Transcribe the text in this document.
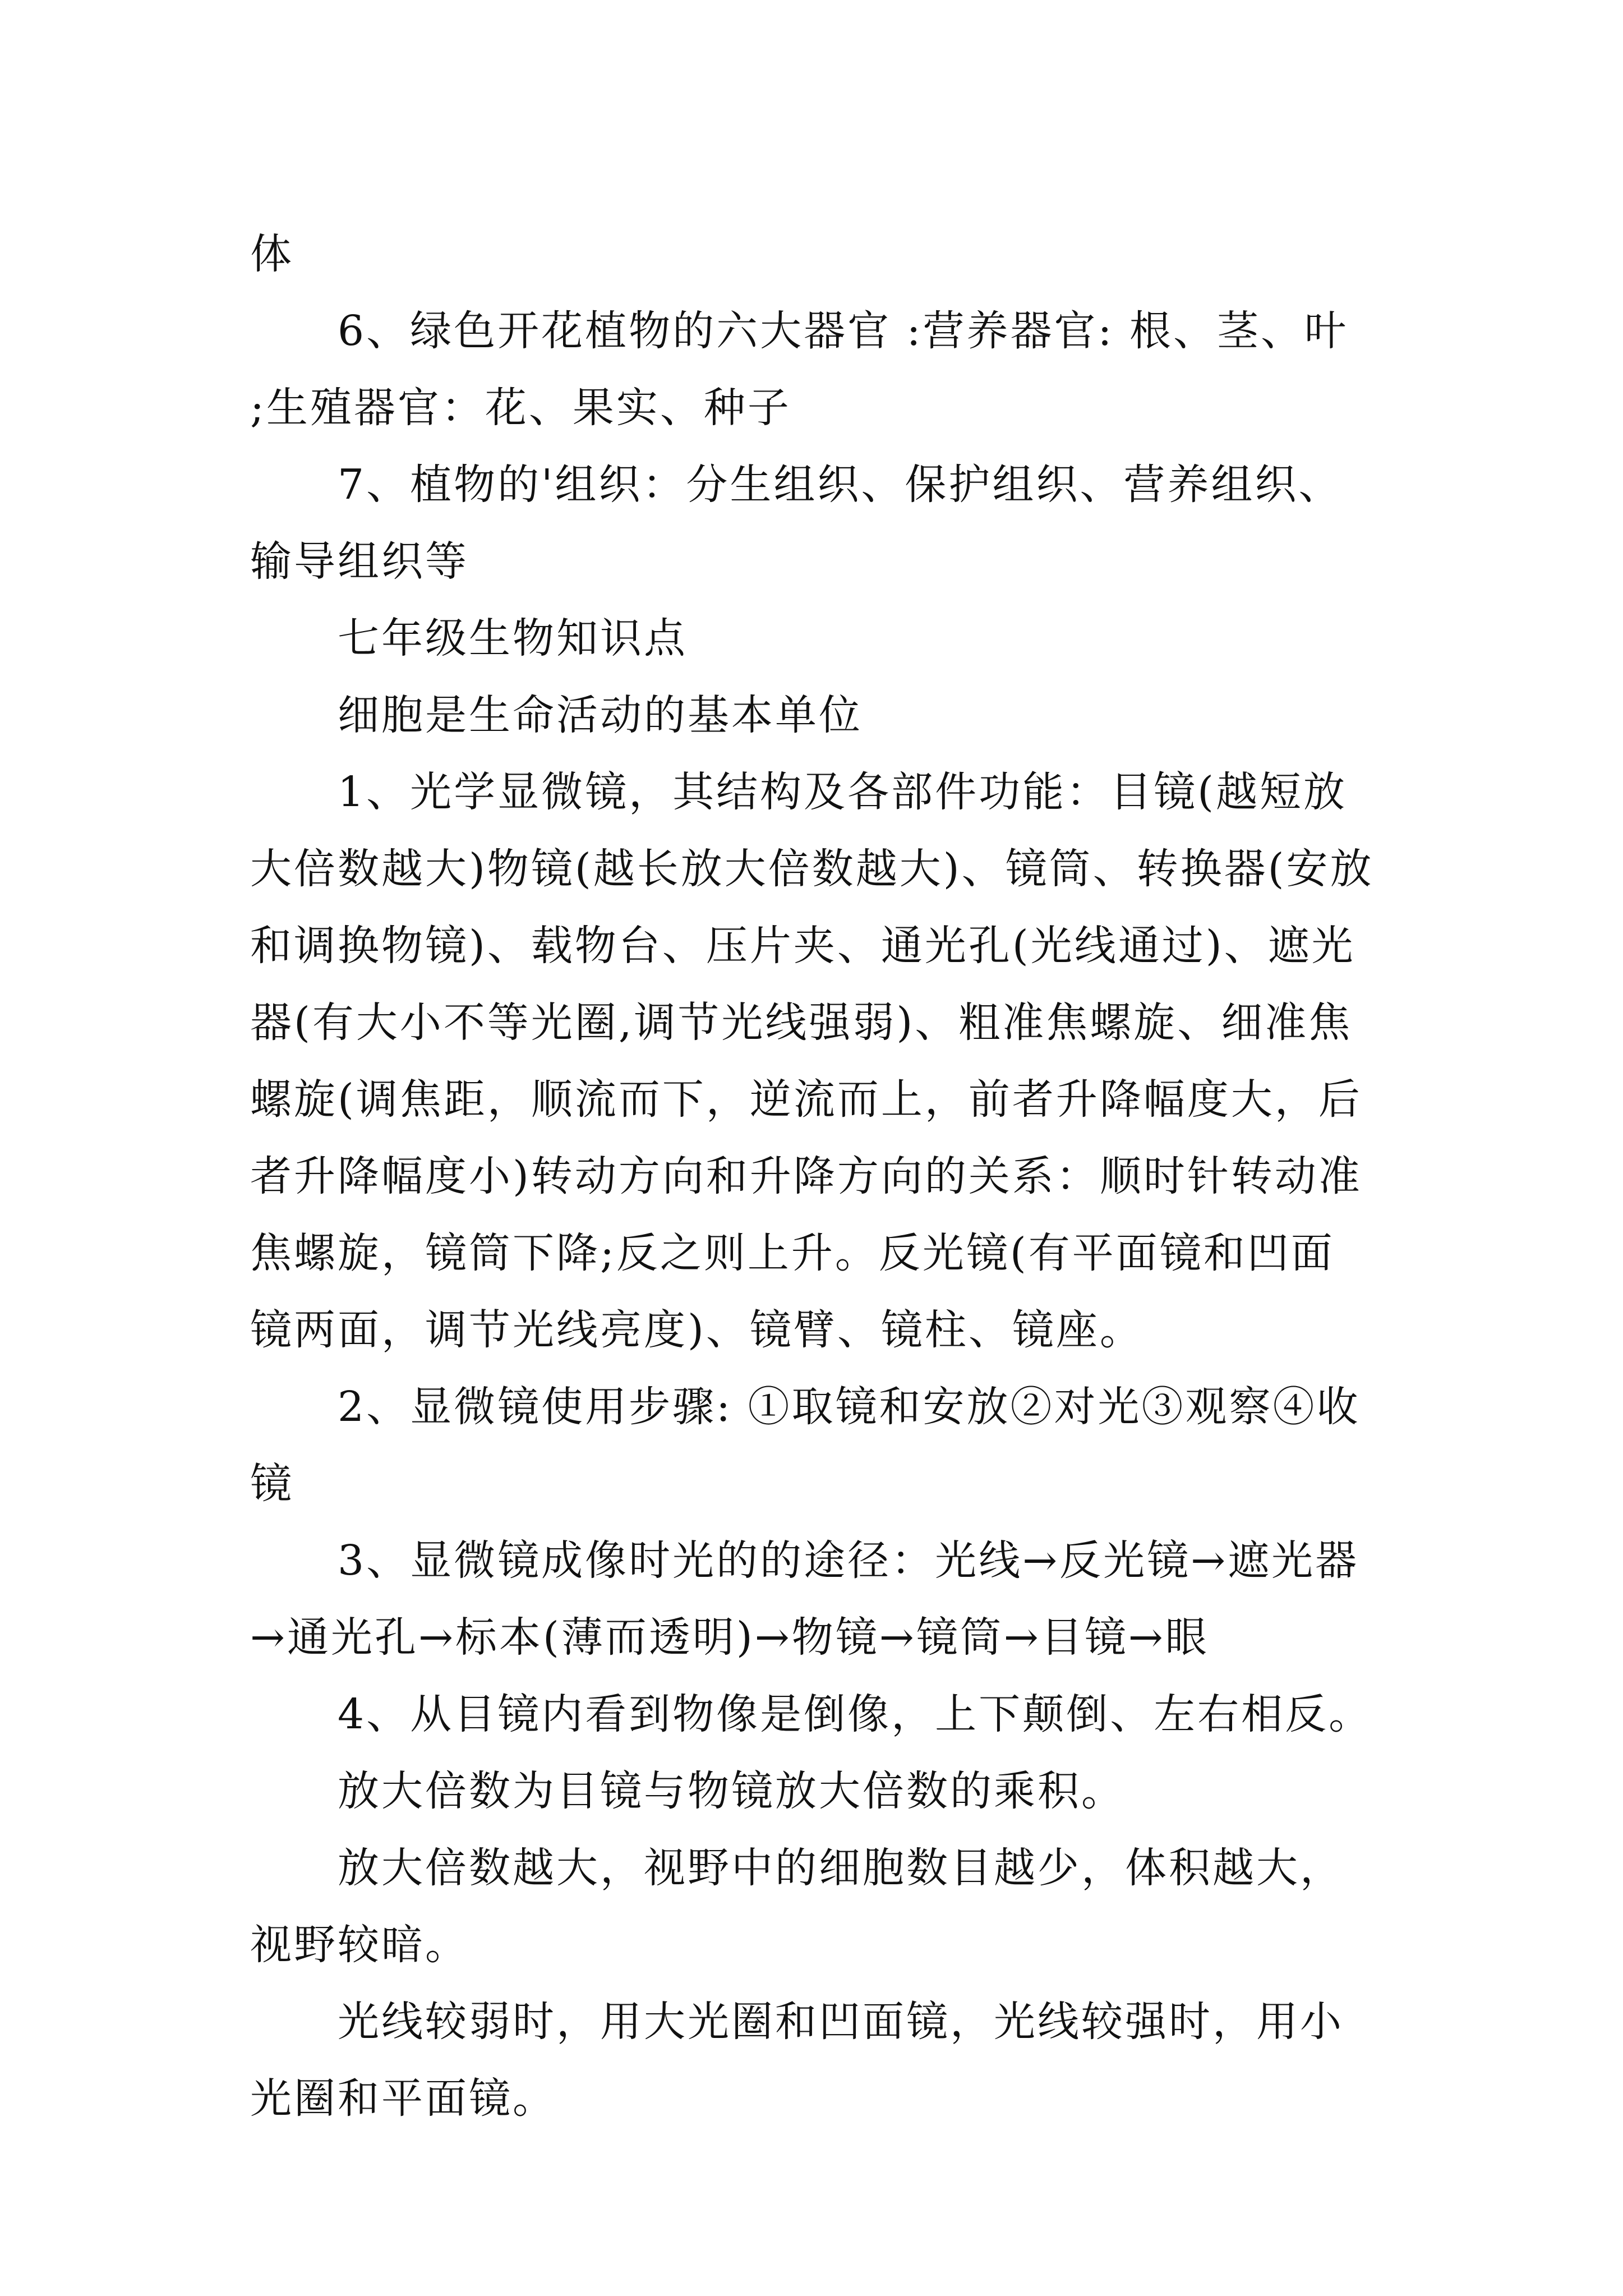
体

6、绿色开花植物的六大器官 :营养器官: 根、茎、叶 ;生殖器官：花、果实、种子

7、植物的'组织：分生组织、保护组织、营养组织、输导组织等

七年级生物知识点

细胞是生命活动的基本单位

1、光学显微镜，其结构及各部件功能：目镜(越短放大倍数越大)物镜(越长放大倍数越大)、镜筒、转换器(安放和调换物镜)、载物台、压片夹、通光孔(光线通过)、遮光器(有大小不等光圈,调节光线强弱)、粗准焦螺旋、细准焦螺旋(调焦距，顺流而下，逆流而上，前者升降幅度大，后者升降幅度小)转动方向和升降方向的关系：顺时针转动准焦螺旋，镜筒下降;反之则上升。反光镜(有平面镜和凹面镜两面，调节光线亮度)、镜臂、镜柱、镜座。

2、显微镜使用步骤: ①取镜和安放②对光③观察④收镜

3、显微镜成像时光的的途径：光线→反光镜→遮光器→通光孔→标本(薄而透明)→物镜→镜筒→目镜→眼

4、从目镜内看到物像是倒像，上下颠倒、左右相反。

放大倍数为目镜与物镜放大倍数的乘积。

放大倍数越大，视野中的细胞数目越少，体积越大，视野较暗。

光线较弱时，用大光圈和凹面镜，光线较强时，用小光圈和平面镜。
